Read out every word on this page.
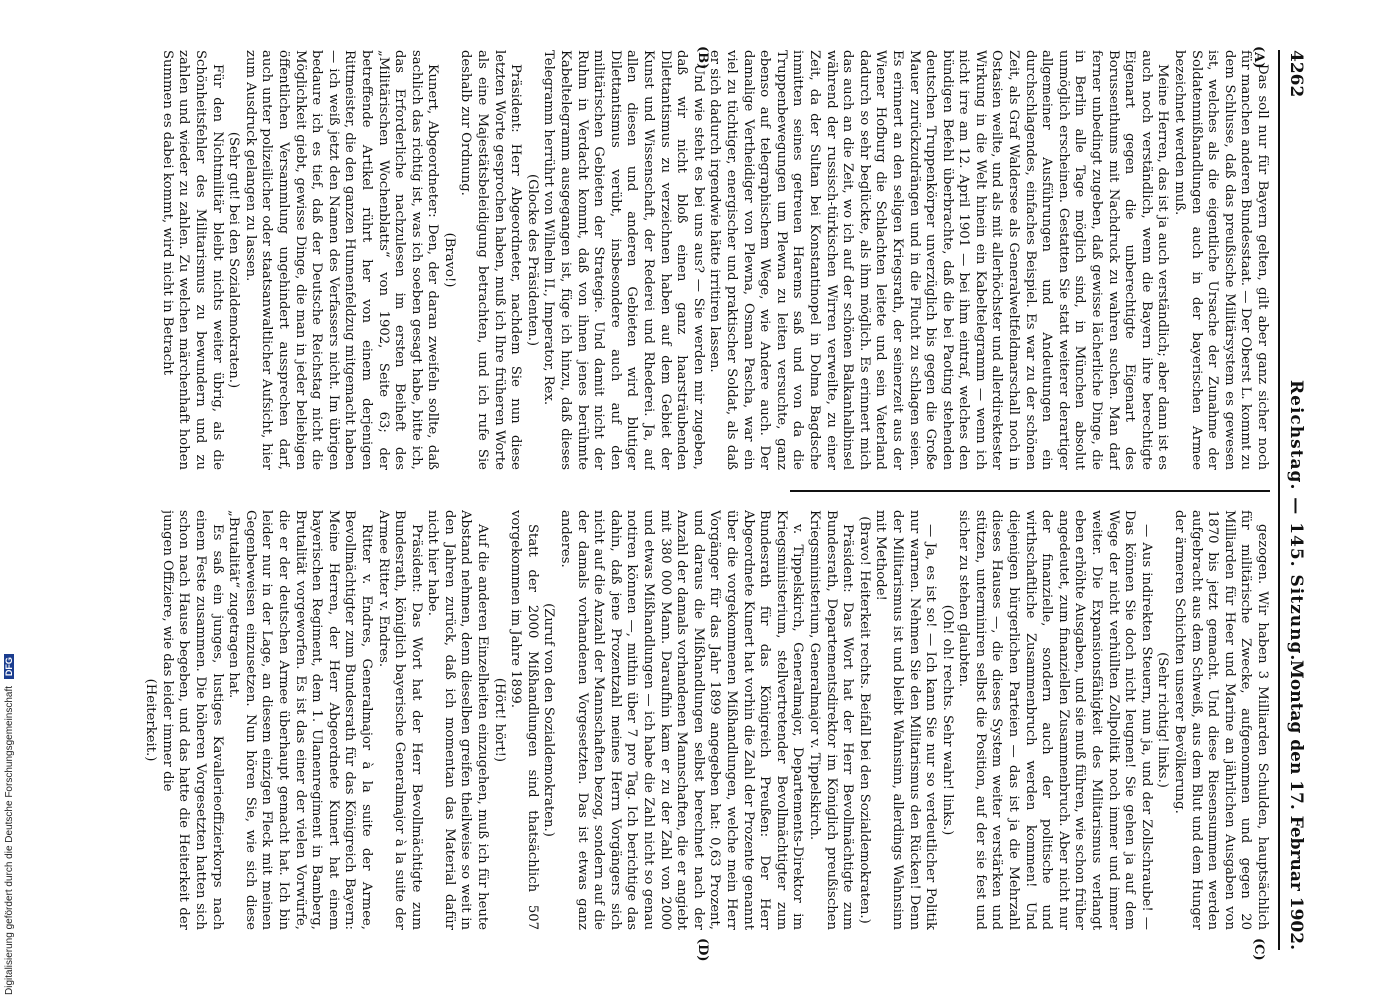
4262
Reichstag. — 145. Sitzung.
Montag den 17. Februar 1902.
(A)
(B)
(C)
(D)

Das soll nur für Bayern gelten, gilt aber ganz sicher noch für manchen anderen Bundesstaat. — Der Oberst L. kommt zu dem Schlusse, daß das preußische Militärsystem es gewesen ist, welches als die eigentliche Ursache der Zunahme der Soldatenmißhandlungen auch in der bayerischen Armee bezeichnet werden muß.

Meine Herren, das ist ja auch verständlich; aber dann ist es auch noch verständlich, wenn die Bayern ihre berechtigte Eigenart gegen die unberechtigte Eigenart des Borussenthums mit Nachdruck zu wahren suchen. Man darf ferner unbedingt zugeben, daß gewisse lächerliche Dinge, die in Berlin alle Tage möglich sind, in München absolut unmöglich erscheinen. Gestatten Sie statt weiterer derartiger allgemeiner Ausführungen und Andeutungen ein durchschlagendes, einfaches Beispiel. Es war zu der schönen Zeit, als Graf Waldersee als Generalweltfeldmarschall noch in Ostasien weilte, und als mit allerhöchster und allerdirektester Wirkung in die Welt hinein ein Kabeltelegramm — wenn ich nicht irre am 12. April 1901 — bei ihm eintraf, welches den bündigen Befehl überbrachte, daß die bei Paoting stehenden deutschen Truppenkörper unverzüglich bis gegen die Große Mauer zurückzudrängen und in die Flucht zu schlagen seien. Es erinnert an den seligen Kriegsrath, der seinerzeit aus der Wiener Hofburg die Schlachten leitete und sein Vaterland dadurch so sehr beglückte, als ihm möglich. Es erinnert mich das auch an die Zeit, wo ich auf der schönen Balkanhalbinsel während der russisch-türkischen Wirren verweilte, zu einer Zeit, da der Sultan bei Konstantinopel in Dolma Bagdsche inmitten seines getreuen Harems saß und von da die Truppenbewegungen um Plewna zu leiten versuchte, ganz ebenso auf telegraphischem Wege, wie Andere auch. Der damalige Vertheidiger von Plewna, Osman Pascha, war ein viel zu tüchtiger, energischer und praktischer Soldat, als daß er sich dadurch irgendwie hätte irritiren lassen.

Und wie steht es bei uns aus? — Sie werden mir zugeben, daß wir nicht bloß einen ganz haarsträubenden Dilettantismus zu verzeichnen haben auf dem Gebiet der Kunst und Wissenschaft, der Rederei und Rhederei. Ja, auf allen diesen und anderen Gebieten wird blutiger Dilettantismus verübt, insbesondere auch auf den militärischen Gebieten der Strategie. Und damit nicht der Ruhm in Verdacht kommt, daß von ihnen jenes berühmte Kabeltelegramm ausgegangen ist, füge ich hinzu, daß dieses Telegramm herrührt von Wilhelm II., Imperator, Rex.

(Glocke des Präsidenten.)

Präsident: Herr Abgeordneter, nachdem Sie nun diese letzten Worte gesprochen haben, muß ich Ihre früheren Worte als eine Majestätsbeleidigung betrachten, und ich rufe Sie deshalb zur Ordnung.

(Bravo!)

Kunert, Abgeordneter: Den, der daran zweifeln sollte, daß sachlich das richtig ist, was ich soeben gesagt habe, bitte ich, das Erforderliche nachzulesen im ersten Beiheft des „Militärischen Wochenblatts“ von 1902, Seite 63; der betreffende Artikel rührt her von einem derjenigen Rittmeister, die den ganzen Hunnenfeldzug mitgemacht haben — ich weiß jetzt den Namen des Verfassers nicht. Im übrigen bedaure ich es tief, daß der Deutsche Reichstag nicht die Möglichkeit giebt, gewisse Dinge, die man in jeder beliebigen öffentlichen Versammlung ungehindert aussprechen darf, auch unter polizeilicher oder staatsanwaltlicher Aufsicht, hier zum Ausdruck gelangen zu lassen.

(Sehr gut! bei den Sozialdemokraten.)

Für den Nichtmilitär bleibt nichts weiter übrig, als die Schönheitsfehler des Militarismus zu bewundern und zu zahlen und wieder zu zahlen. Zu welchen märchenhaft hohen Summen es dabei kommt, wird nicht in Betracht

gezogen. Wir haben 3 Milliarden Schulden, hauptsächlich für militärische Zwecke, aufgenommen und gegen 20 Milliarden für Heer und Marine an jährlichen Ausgaben von 1870 bis jetzt gemacht. Und diese Riesensummen werden aufgebracht aus dem Schweiß, aus dem Blut und dem Hunger der ärmeren Schichten unserer Bevölkerung.

(Sehr richtig! links.)

— Aus indirekten Steuern, nun ja, und der Zollschraube! — Das können Sie doch nicht leugnen! Sie gehen ja auf dem Wege der nicht verhüllten Zollpolitik noch immer und immer weiter. Die Expansionsfähigkeit des Militarismus verlangt eben erhöhte Ausgaben, und sie muß führen, wie schon früher angedeutet, zum finanziellen Zusammenbruch. Aber nicht nur der finanzielle, sondern auch der politische und wirthschaftliche Zusammenbruch werden kommen! Und diejenigen bürgerlichen Parteien — das ist ja die Mehrzahl dieses Hauses —, die dieses System weiter verstärken und stützen, unterminiren selbst die Position, auf der sie fest und sicher zu stehen glaubten.

(Oh! oh! rechts. Sehr wahr! links.)

— Ja, es ist so! — Ich kann Sie nur so verdeutlicher Politik nur warnen. Nehmen Sie den Militarismus den Rücken! Denn der Militarismus ist und bleibt Wahnsinn, allerdings Wahnsinn mit Methode!

(Bravo! Heiterkeit rechts. Beifall bei den Sozialdemokraten.)

Präsident: Das Wort hat der Herr Bevollmächtigte zum Bundesrath, Departementsdirektor im Königlich preußischen Kriegsministerium, Generalmajor v. Tippelskirch.

v. Tippelskirch, Generalmajor, Departements-Direktor im Kriegsministerium, stellvertretender Bevollmächtigter zum Bundesrath für das Königreich Preußen: Der Herr Abgeordnete Kunert hat vorhin die Zahl der Prozente genannt über die vorgekommenen Mißhandlungen, welche mein Herr Vorgänger für das Jahr 1899 angegeben hat: 0,63 Prozent, und daraus die Mißhandlungen selbst berechnet nach der Anzahl der damals vorhandenen Mannschaften, die er angiebt mit 380 000 Mann. Daraufhin kam er zu der Zahl von 2000 und etwas Mißhandlungen — ich habe die Zahl nicht so genau notiren können —, mithin über 7 pro Tag. Ich berichtige das dahin, daß jene Prozentzahl meines Herrn Vorgängers sich nicht auf die Anzahl der Mannschaften bezog, sondern auf die der damals vorhandenen Vorgesetzten. Das ist etwas ganz anderes.

(Zuruf von den Sozialdemokraten.)

Statt der 2000 Mißhandlungen sind thatsächlich 507 vorgekommen im Jahre 1899.

(Hört! hört!)

Auf die anderen Einzelheiten einzugehen, muß ich für heute Abstand nehmen, denn dieselben greifen theilweise so weit in den Jahren zurück, daß ich momentan das Material dafür nicht hier habe.

Präsident: Das Wort hat der Herr Bevollmächtigte zum Bundesrath, königlich bayerische Generalmajor à la suite der Armee Ritter v. Endres.

Ritter v. Endres, Generalmajor à la suite der Armee, Bevollmächtigter zum Bundesrath für das Königreich Bayern: Meine Herren, der Herr Abgeordnete Kunert hat einem bayerischen Regiment, dem 1. Ulanenregiment in Bamberg, Brutalität vorgeworfen. Es ist das einer der vielen Vorwürfe, die er der deutschen Armee überhaupt gemacht hat. Ich bin leider nur in der Lage, an diesem einzigen Fleck mit meinen Gegenbeweisen einzusetzen. Nun hören Sie, wie sich diese „Brutalität“ zugetragen hat.

Es saß ein junges, lustiges Kavallerieoffizierkorps nach einem Feste zusammen. Die höheren Vorgesetzten hatten sich schon nach Hause begeben, und das hatte die Heiterkeit der jungen Offiziere, wie das leider immer die

(Heiterkeit.)

Digitalisierung gefördert durch die Deutsche Forschungsgemeinschaft DFG
